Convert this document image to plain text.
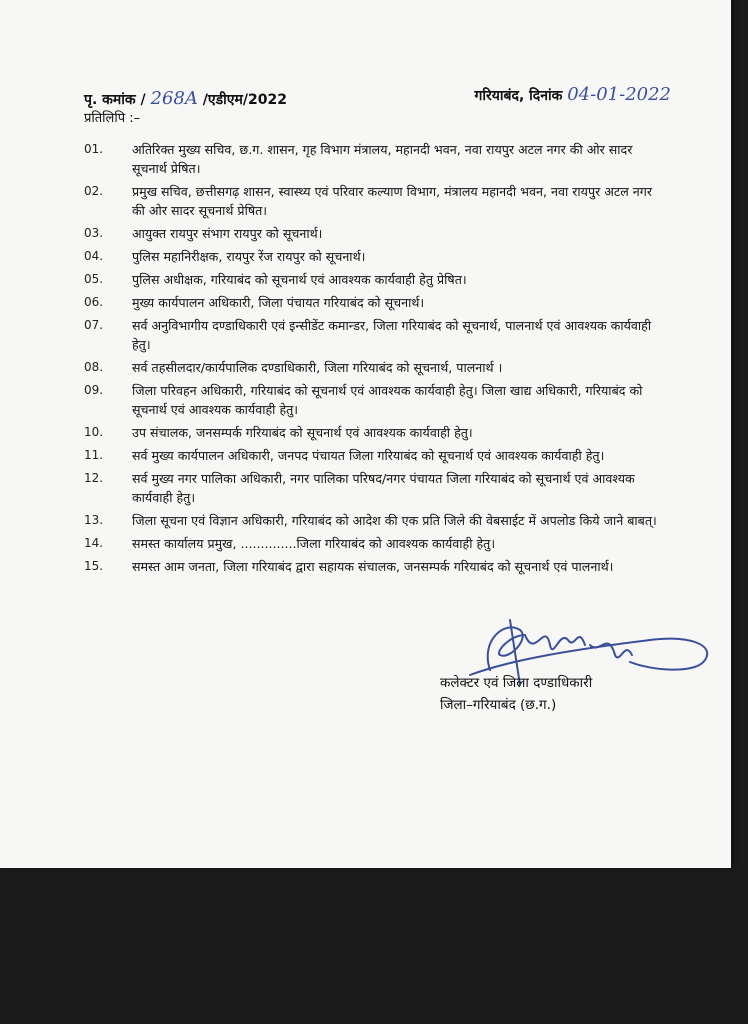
पृ. कमांक / 268A /एडीएम/2022	गरियाबंद, दिनांक 04-01-2022
प्रतिलिपि :–
01. अतिरिक्त मुख्य सचिव, छ.ग. शासन, गृह विभाग मंत्रालय, महानदी भवन, नवा रायपुर अटल नगर की ओर सादर सूचनार्थ प्रेषित।
02. प्रमुख सचिव, छत्तीसगढ़ शासन, स्वास्थ्य एवं परिवार कल्याण विभाग, मंत्रालय महानदी भवन, नवा रायपुर अटल नगर की ओर सादर सूचनार्थ प्रेषित।
03. आयुक्त रायपुर संभाग रायपुर को सूचनार्थ।
04. पुलिस महानिरीक्षक, रायपुर रेंज रायपुर को सूचनार्थ।
05. पुलिस अधीक्षक, गरियाबंद को सूचनार्थ एवं आवश्यक कार्यवाही हेतु प्रेषित।
06. मुख्य कार्यपालन अधिकारी, जिला पंचायत गरियाबंद को सूचनार्थ।
07. सर्व अनुविभागीय दण्डाधिकारी एवं इन्सीडेंट कमान्डर, जिला गरियाबंद को सूचनार्थ, पालनार्थ एवं आवश्यक कार्यवाही हेतु।
08. सर्व तहसीलदार/कार्यपालिक दण्डाधिकारी, जिला गरियाबंद को सूचनार्थ, पालनार्थ ।
09. जिला परिवहन अधिकारी, गरियाबंद को सूचनार्थ एवं आवश्यक कार्यवाही हेतु। जिला खाद्य अधिकारी, गरियाबंद को सूचनार्थ एवं आवश्यक कार्यवाही हेतु।
10. उप संचालक, जनसम्पर्क गरियाबंद को सूचनार्थ एवं आवश्यक कार्यवाही हेतु।
11. सर्व मुख्य कार्यपालन अधिकारी, जनपद पंचायत जिला गरियाबंद को सूचनार्थ एवं आवश्यक कार्यवाही हेतु।
12. सर्व मुख्य नगर पालिका अधिकारी, नगर पालिका परिषद/नगर पंचायत जिला गरियाबंद को सूचनार्थ एवं आवश्यक कार्यवाही हेतु।
13. जिला सूचना एवं विज्ञान अधिकारी, गरियाबंद को आदेश की एक प्रति जिले की वेबसाईट में अपलोड किये जाने बाबत्।
14. समस्त कार्यालय प्रमुख, ..............जिला गरियाबंद को आवश्यक कार्यवाही हेतु।
15. समस्त आम जनता, जिला गरियाबंद द्वारा सहायक संचालक, जनसम्पर्क गरियाबंद को सूचनार्थ एवं पालनार्थ।
कलेक्टर एवं जिला दण्डाधिकारी
जिला–गरियाबंद (छ.ग.)
